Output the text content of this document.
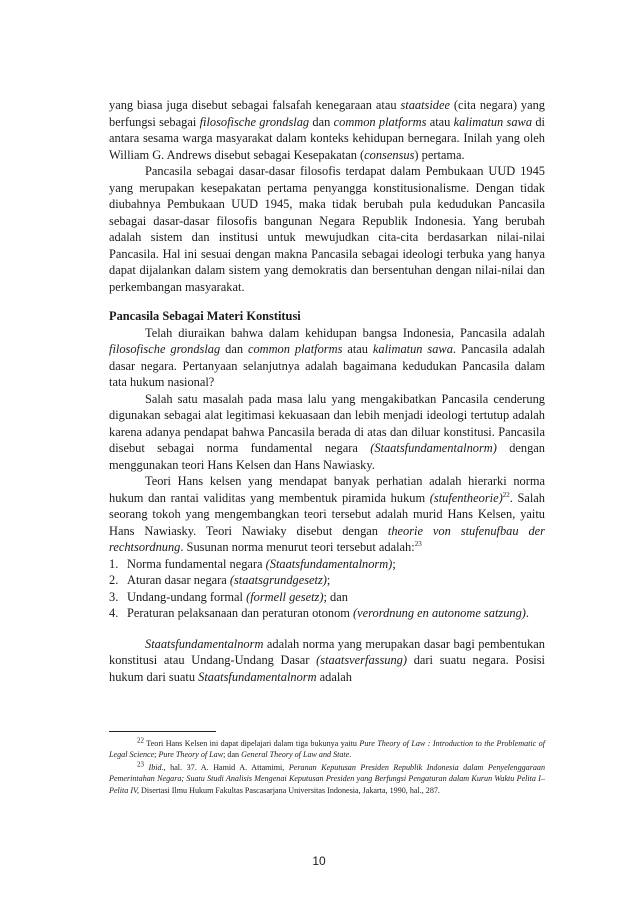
yang biasa juga disebut sebagai falsafah kenegaraan atau staatsidee (cita negara) yang berfungsi sebagai filosofische grondslag dan common platforms atau kalimatun sawa di antara sesama warga masyarakat dalam konteks kehidupan bernegara. Inilah yang oleh William G. Andrews disebut sebagai Kesepakatan (consensus) pertama.

Pancasila sebagai dasar-dasar filosofis terdapat dalam Pembukaan UUD 1945 yang merupakan kesepakatan pertama penyangga konstitusionalisme. Dengan tidak diubahnya Pembukaan UUD 1945, maka tidak berubah pula kedudukan Pancasila sebagai dasar-dasar filosofis bangunan Negara Republik Indonesia. Yang berubah adalah sistem dan institusi untuk mewujudkan cita-cita berdasarkan nilai-nilai Pancasila. Hal ini sesuai dengan makna Pancasila sebagai ideologi terbuka yang hanya dapat dijalankan dalam sistem yang demokratis dan bersentuhan dengan nilai-nilai dan perkembangan masyarakat.

Pancasila Sebagai Materi Konstitusi

Telah diuraikan bahwa dalam kehidupan bangsa Indonesia, Pancasila adalah filosofische grondslag dan common platforms atau kalimatun sawa. Pancasila adalah dasar negara. Pertanyaan selanjutnya adalah bagaimana kedudukan Pancasila dalam tata hukum nasional?

Salah satu masalah pada masa lalu yang mengakibatkan Pancasila cenderung digunakan sebagai alat legitimasi kekuasaan dan lebih menjadi ideologi tertutup adalah karena adanya pendapat bahwa Pancasila berada di atas dan diluar konstitusi. Pancasila disebut sebagai norma fundamental negara (Staatsfundamentalnorm) dengan menggunakan teori Hans Kelsen dan Hans Nawiasky.

Teori Hans kelsen yang mendapat banyak perhatian adalah hierarki norma hukum dan rantai validitas yang membentuk piramida hukum (stufentheorie)$^{22}$. Salah seorang tokoh yang mengembangkan teori tersebut adalah murid Hans Kelsen, yaitu Hans Nawiasky. Teori Nawiaky disebut dengan theorie von stufenufbau der rechtsordnung. Susunan norma menurut teori tersebut adalah:$^{23}$

1. Norma fundamental negara (Staatsfundamentalnorm);
2. Aturan dasar negara (staatsgrundgesetz);
3. Undang-undang formal (formell gesetz); dan
4. Peraturan pelaksanaan dan peraturan otonom (verordnung en autonome satzung).

Staatsfundamentalnorm adalah norma yang merupakan dasar bagi pembentukan konstitusi atau Undang-Undang Dasar (staatsverfassung) dari suatu negara. Posisi hukum dari suatu Staatsfundamentalnorm adalah

$^{22}$ Teori Hans Kelsen ini dapat dipelajari dalam tiga bukunya yaitu Pure Theory of Law : Introduction to the Problematic of Legal Science; Pure Theory of Law; dan General Theory of Law and State.

$^{23}$ Ibid., hal. 37. A. Hamid A. Attamimi, Peranan Keputusan Presiden Republik Indonesia dalam Penyelenggaraan Pemerintahan Negara; Suatu Studi Analisis Mengenai Keputusan Presiden yang Berfungsi Pengaturan dalam Kurun Waktu Pelita I–Pelita IV, Disertasi Ilmu Hukum Fakultas Pascasarjana Universitas Indonesia, Jakarta, 1990, hal., 287.

10
